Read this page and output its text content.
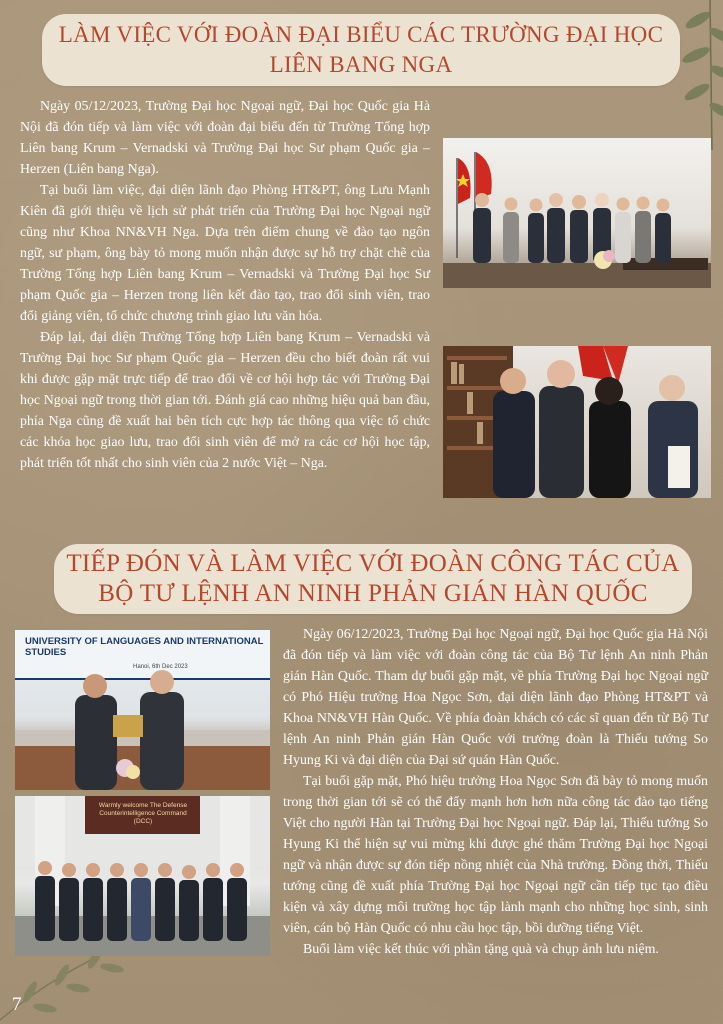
LÀM VIỆC VỚI ĐOÀN ĐẠI BIỂU CÁC TRƯỜNG ĐẠI HỌC
LIÊN BANG NGA

Ngày 05/12/2023, Trường Đại học Ngoại ngữ, Đại học Quốc gia Hà Nội đã đón tiếp và làm việc với đoàn đại biểu đến từ Trường Tổng hợp Liên bang Krum – Vernadski và Trường Đại học Sư phạm Quốc gia – Herzen (Liên bang Nga).

Tại buổi làm việc, đại diện lãnh đạo Phòng HT&PT, ông Lưu Mạnh Kiên đã giới thiệu về lịch sử phát triển của Trường Đại học Ngoại ngữ cũng như Khoa NN&VH Nga. Dựa trên điểm chung về đào tạo ngôn ngữ, sư phạm, ông bày tỏ mong muốn nhận được sự hỗ trợ chặt chẽ của Trường Tổng hợp Liên bang Krum – Vernadski và Trường Đại học Sư phạm Quốc gia – Herzen trong liên kết đào tạo, trao đổi sinh viên, trao đổi giảng viên, tổ chức chương trình giao lưu văn hóa.

Đáp lại, đại diện Trường Tổng hợp Liên bang Krum – Vernadski và Trường Đại học Sư phạm Quốc gia – Herzen đều cho biết đoàn rất vui khi được gặp mặt trực tiếp để trao đổi về cơ hội hợp tác với Trường Đại học Ngoại ngữ trong thời gian tới. Đánh giá cao những hiệu quả ban đầu, phía Nga cũng đề xuất hai bên tích cực hợp tác thông qua việc tổ chức các khóa học giao lưu, trao đổi sinh viên để mở ra các cơ hội học tập, phát triển tốt nhất cho sinh viên của 2 nước Việt – Nga.

TIẾP ĐÓN VÀ LÀM VIỆC VỚI ĐOÀN CÔNG TÁC CỦA
BỘ TƯ LỆNH AN NINH PHẢN GIÁN HÀN QUỐC
UNIVERSITY OF LANGUAGES AND INTERNATIONAL STUDIES
Hanoi, 6th Dec 2023
Warmly welcome The Defense Counterintelligence Command (DCC)

Ngày 06/12/2023, Trường Đại học Ngoại ngữ, Đại học Quốc gia Hà Nội đã đón tiếp và làm việc với đoàn công tác của Bộ Tư lệnh An ninh Phản gián Hàn Quốc. Tham dự buổi gặp mặt, về phía Trường Đại học Ngoại ngữ có Phó Hiệu trưởng Hoa Ngọc Sơn, đại diện lãnh đạo Phòng HT&PT và Khoa NN&VH Hàn Quốc. Về phía đoàn khách có các sĩ quan đến từ Bộ Tư lệnh An ninh Phản gián Hàn Quốc với trưởng đoàn là Thiếu tướng So Hyung Ki và đại diện của Đại sứ quán Hàn Quốc.

Tại buổi gặp mặt, Phó hiệu trưởng Hoa Ngọc Sơn đã bày tỏ mong muốn trong thời gian tới sẽ có thể đẩy mạnh hơn hơn nữa công tác đào tạo tiếng Việt cho người Hàn tại Trường Đại học Ngoại ngữ. Đáp lại, Thiếu tướng So Hyung Ki thể hiện sự vui mừng khi được ghé thăm Trường Đại học Ngoại ngữ và nhận được sự đón tiếp nồng nhiệt của Nhà trường. Đồng thời, Thiếu tướng cũng đề xuất phía Trường Đại học Ngoại ngữ cần tiếp tục tạo điều kiện và xây dựng môi trường học tập lành mạnh cho những học sinh, sinh viên, cán bộ Hàn Quốc có nhu cầu học tập, bồi dưỡng tiếng Việt.

Buổi làm việc kết thúc với phần tặng quà và chụp ảnh lưu niệm.

7
